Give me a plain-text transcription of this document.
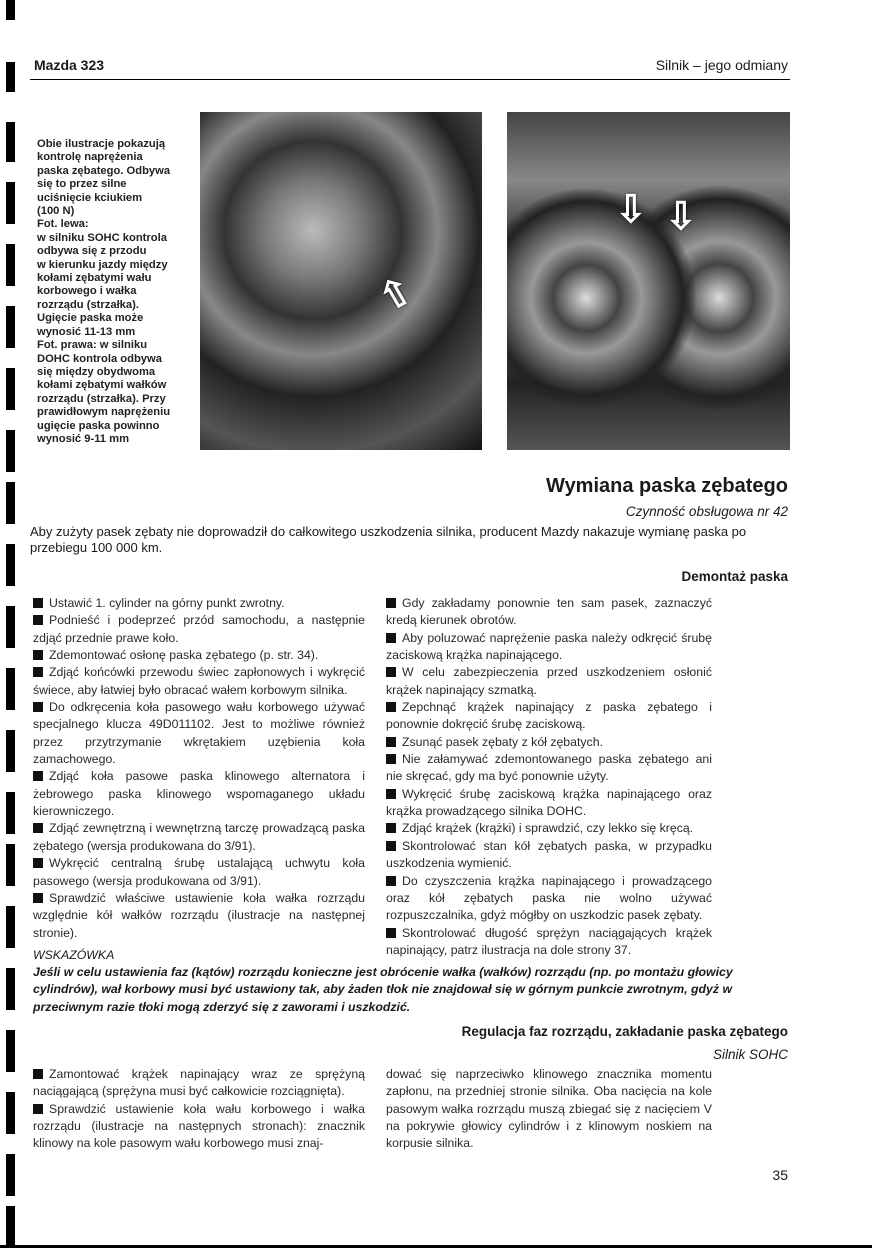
Mazda 323	Silnik – jego odmiany
Obie ilustracje pokazują
kontrolę naprężenia
paska zębatego. Odbywa
się to przez silne
uciśnięcie kciukiem
(100 N)
Fot. lewa:
w silniku SOHC kontrola
odbywa się z przodu
w kierunku jazdy między
kołami zębatymi wału
korbowego i wałka
rozrządu (strzałka).
Ugięcie paska może
wynosić 11-13 mm
Fot. prawa: w silniku
DOHC kontrola odbywa
się między obydwoma
kołami zębatymi wałków
rozrządu (strzałka). Przy
prawidłowym naprężeniu
ugięcie paska powinno
wynosić 9-11 mm
⇧
⇩ ⇩
Wymiana paska zębatego
Czynność obsługowa nr 42
Aby zużyty pasek zębaty nie doprowadził do całkowitego uszkodzenia silnika, producent Mazdy nakazuje wymianę paska po przebiegu 100 000 km.
Demontaż paska

Ustawić 1. cylinder na górny punkt zwrotny.

Podnieść i podeprzeć przód samochodu, a następnie zdjąć przednie prawe koło.

Zdemontować osłonę paska zębatego (p. str. 34).

Zdjąć końcówki przewodu świec zapłonowych i wykręcić świece, aby łatwiej było obracać wałem korbowym silnika.

Do odkręcenia koła pasowego wału korbowego używać specjalnego klucza 49D011102. Jest to możliwe również przez przytrzymanie wkrętakiem uzębienia koła zamachowego.

Zdjąć koła pasowe paska klinowego alternatora i żebrowego paska klinowego wspomaganego układu kierowniczego.

Zdjąć zewnętrzną i wewnętrzną tarczę prowadzącą paska zębatego (wersja produkowana do 3/91).

Wykręcić centralną śrubę ustalającą uchwytu koła pasowego (wersja produkowana od 3/91).

Sprawdzić właściwe ustawienie koła wałka rozrządu względnie kół wałków rozrządu (ilustracje na następnej stronie).

Gdy zakładamy ponownie ten sam pasek, zaznaczyć kredą kierunek obrotów.

Aby poluzować naprężenie paska należy odkręcić śrubę zaciskową krążka napinającego.

W celu zabezpieczenia przed uszkodzeniem osłonić krążek napinający szmatką.

Zepchnąć krążek napinający z paska zębatego i ponownie dokręcić śrubę zaciskową.

Zsunąć pasek zębaty z kół zębatych.

Nie załamywać zdemontowanego paska zębatego ani nie skręcać, gdy ma być ponownie użyty.

Wykręcić śrubę zaciskową krążka napinającego oraz krążka prowadzącego silnika DOHC.

Zdjąć krążek (krążki) i sprawdzić, czy lekko się kręcą.

Skontrolować stan kół zębatych paska, w przypadku uszkodzenia wymienić.

Do czyszczenia krążka napinającego i prowadzącego oraz kół zębatych paska nie wolno używać rozpuszczalnika, gdyż mógłby on uszkodzic pasek zębaty.

Skontrolować długość sprężyn naciągających krążek napinający, patrz ilustracja na dole strony 37.

WSKAZÓWKA
Jeśli w celu ustawienia faz (kątów) rozrządu konieczne jest obrócenie wałka (wałków) rozrządu (np. po montażu głowicy cylindrów), wał korbowy musi być ustawiony tak, aby żaden tłok nie znajdował się w górnym punkcie zwrotnym, gdyż w przeciwnym razie tłoki mogą zderzyć się z zaworami i uszkodzić.
Regulacja faz rozrządu, zakładanie paska zębatego
Silnik SOHC

Zamontować krążek napinający wraz ze sprężyną naciągającą (sprężyna musi być całkowicie rozciągnięta).

Sprawdzić ustawienie koła wału korbowego i wałka rozrządu (ilustracje na następnych stronach): znacznik klinowy na kole pasowym wału korbowego musi znaj-

dować się naprzeciwko klinowego znacznika momentu zapłonu, na przedniej stronie silnika. Oba nacięcia na kole pasowym wałka rozrządu muszą zbiegać się z nacięciem V na pokrywie głowicy cylindrów i z klinowym noskiem na korpusie silnika.

35
